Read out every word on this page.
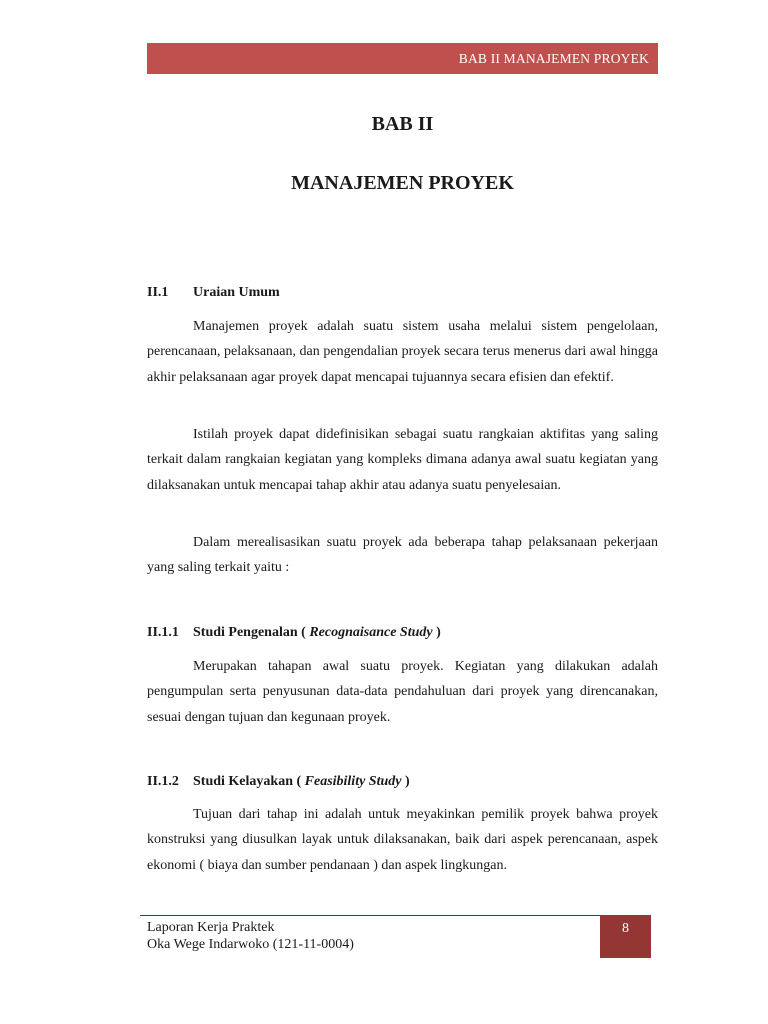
BAB II MANAJEMEN PROYEK
BAB II
MANAJEMEN PROYEK
II.1 Uraian Umum

Manajemen proyek adalah suatu sistem usaha melalui sistem pengelolaan, perencanaan, pelaksanaan, dan pengendalian proyek secara terus menerus dari awal hingga akhir pelaksanaan agar proyek dapat mencapai tujuannya secara efisien dan efektif.

Istilah proyek dapat didefinisikan sebagai suatu rangkaian aktifitas yang saling terkait dalam rangkaian kegiatan yang kompleks dimana adanya awal suatu kegiatan yang dilaksanakan untuk mencapai tahap akhir atau adanya suatu penyelesaian.

Dalam merealisasikan suatu proyek ada beberapa tahap pelaksanaan pekerjaan yang saling terkait yaitu :

II.1.1 Studi Pengenalan ( Recognaisance Study )

Merupakan tahapan awal suatu proyek. Kegiatan yang dilakukan adalah pengumpulan serta penyusunan data-data pendahuluan dari proyek yang direncanakan, sesuai dengan tujuan dan kegunaan proyek.

II.1.2 Studi Kelayakan ( Feasibility Study )

Tujuan dari tahap ini adalah untuk meyakinkan pemilik proyek bahwa proyek konstruksi yang diusulkan layak untuk dilaksanakan, baik dari aspek perencanaan, aspek ekonomi ( biaya dan sumber pendanaan ) dan aspek lingkungan.

Laporan Kerja Praktek
Oka Wege Indarwoko (121-11-0004)
8
